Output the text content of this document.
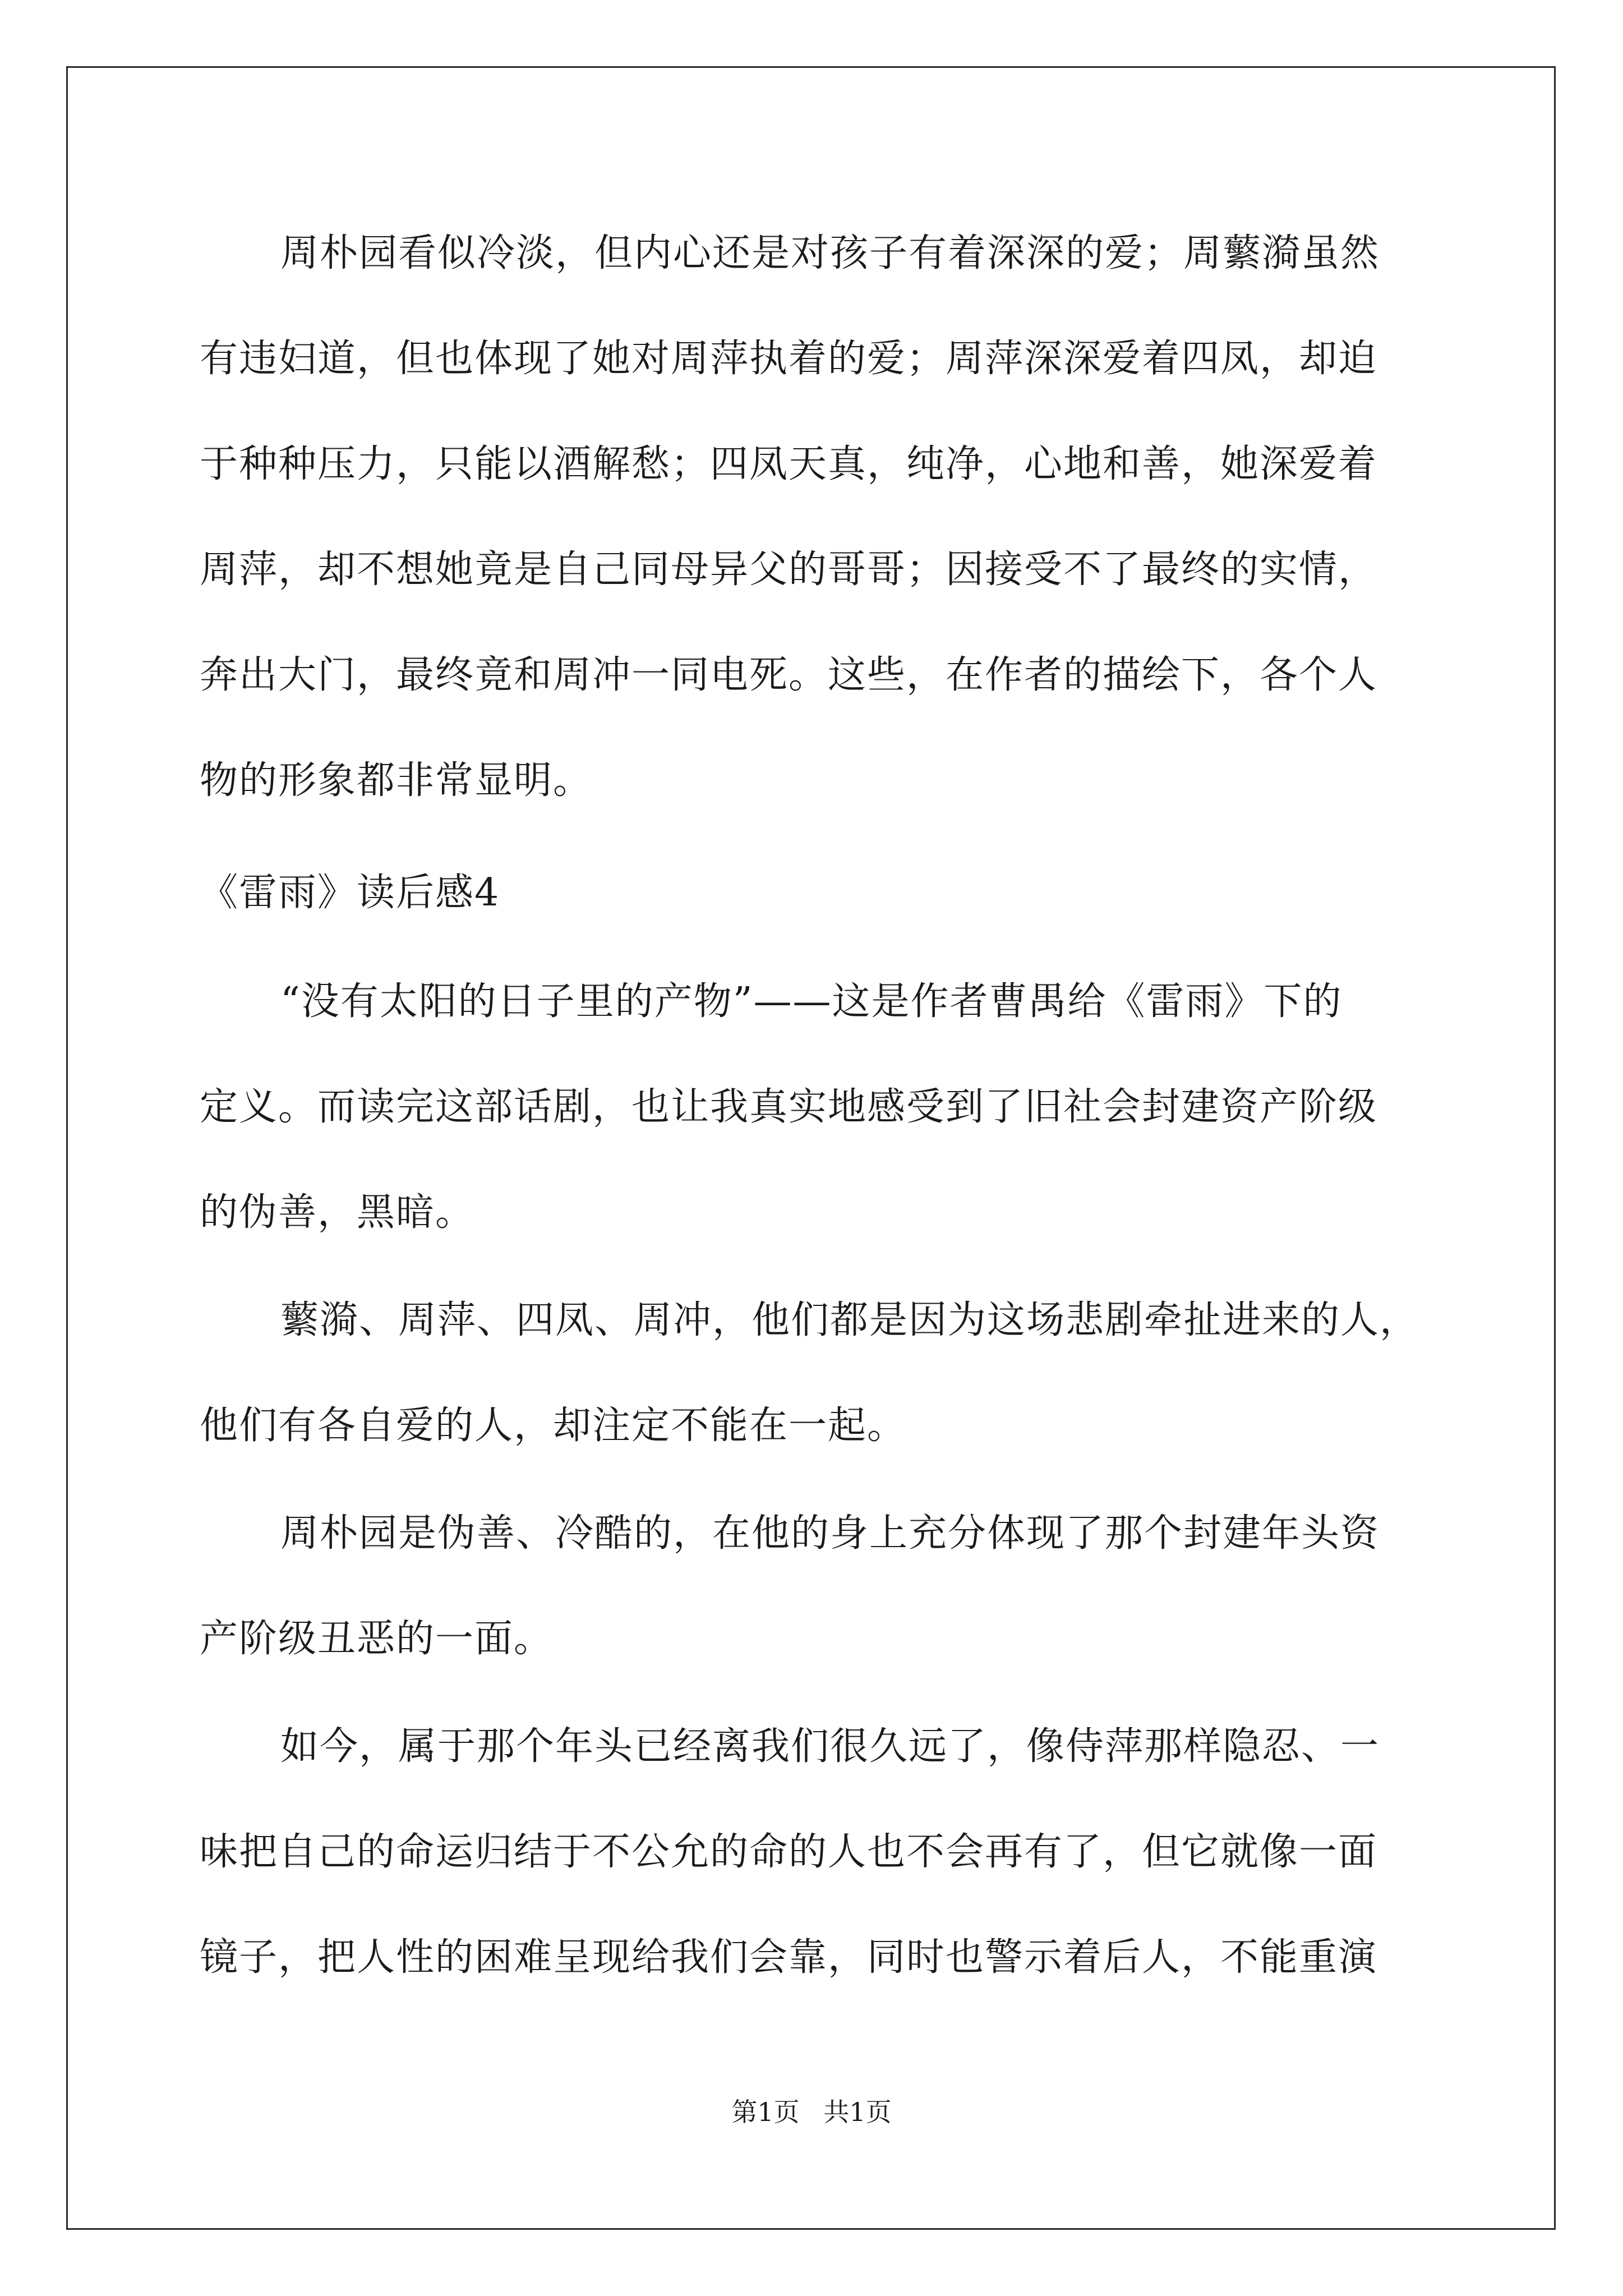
周朴园看似冷淡，但内心还是对孩子有着深深的爱；周蘩漪虽然
有违妇道，但也体现了她对周萍执着的爱；周萍深深爱着四凤，却迫
于种种压力，只能以酒解愁；四凤天真，纯净，心地和善，她深爱着
周萍，却不想她竟是自己同母异父的哥哥；因接受不了最终的实情，
奔出大门，最终竟和周冲一同电死。这些，在作者的描绘下，各个人
物的形象都非常显明。
《雷雨》读后感4
“没有太阳的日子里的产物”——这是作者曹禺给《雷雨》下的
定义。而读完这部话剧，也让我真实地感受到了旧社会封建资产阶级
的伪善，黑暗。
蘩漪、周萍、四凤、周冲，他们都是因为这场悲剧牵扯进来的人，
他们有各自爱的人，却注定不能在一起。
周朴园是伪善、冷酷的，在他的身上充分体现了那个封建年头资
产阶级丑恶的一面。
如今，属于那个年头已经离我们很久远了，像侍萍那样隐忍、一
味把自己的命运归结于不公允的命的人也不会再有了，但它就像一面
镜子，把人性的困难呈现给我们会靠，同时也警示着后人，不能重演
第1页 共1页
